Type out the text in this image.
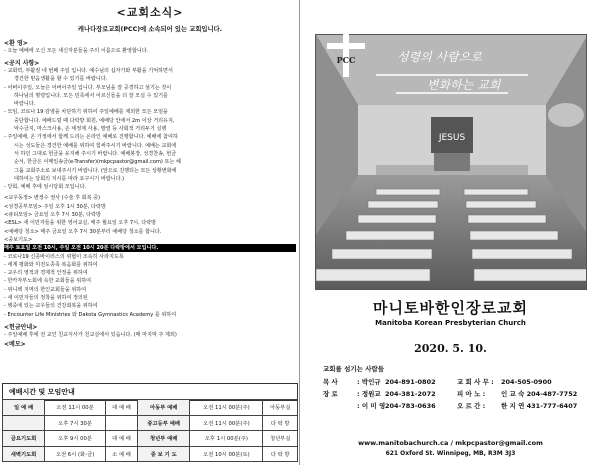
<교회소식>
캐나다장로교회(PCC)에 소속되어 있는 교회입니다.
<환 영>
- 오늘 예배에 오신 모든 새신자분들을 주의 이름으로 환영합니다.
<공지 사항>
- 교회력, 부활절 네 번째 주일 입니다. 예수님의 십자가와 부활을 기억하면서
경건한 믿음생활을 할 수 있기를 바랍니다.
- 어버이주일, 오늘은 어버이주일 입니다. 부모님을 잘 공경하고 섬기는 것이
하나님의 명령입니다. 모든 민족에서 어르신들을 더 잘 모실 수 있기를
바랍니다.
- 모임, 코로나 19 감염을 차단하기 위하여 주일예배를 제외한 모든 모임을
중단합니다. 예배드릴 때 다락방 회원, 예배당 안에서 2m 이상 거리유지,
악수금지, 마스크사용, 손 세정제 사용, 발열 등 사회적 거리두기 실행
- 주일예배, 온 가정에서 함께 드리는 온라인 예배로 진행합니다. 예배에 참여하
시는 성도들은 경건한 예배를 위하여 힘써주시기 바랍니다. 예배는 교회에
서 하던 그대로 헌금을 유지해 주시기 바랍니다. 예배봉장, 성경찬송, 헌금
순서, 한금은 이메일송금(e-Transfer)(mkpcpastor@gmail.com) 또는 헤
그룹 교회주소로 보내주시기 바랍니다. (앞으로 진행되는 모든 상황변화에
대하여는 당회의 지시를 따라 요구시기 바랍니다.)
- 당회, 예배 후에 임시당회 모입니다.
<교우동정> 변정수 권사 (수술 후 회복 중)
<성경공부모임> 주일 오후 1시 30분, 다락방
<큐티모임> 금요일 오후 7시 30분, 다락방
<ESL> 새 이민자들을 위한 영어교실, 매주 월요일 오후 7시, 다락방
<예배당 청소> 매주 금요일 오후 7시 30분부터 예배당 청소를 합니다.
<중보기도>
매주 토요일 오전 10시, 주일 오전 10시 20분 다락방에서 모입니다.
- 코로나19 신종바이러스의 위협이 조속히 사라지도록
- 세계 평화와 미전도종족 복음화를 위하여
- 교우의 영적과 경제적 안정을 위하여
- 한카자부노회에 속한 교회들을 위하여
- 위니펙 지역의 한인교회들을 위하여
- 새 이민자들의 정착을 위하여 정의된
- 병중에 있는 교우들의 건강회복을 위하여
- Encounter Life Ministries 와 Dakota Gymnastics Academy 를 위하여
<헌금안내>
- 주일예배 후에 전 교인 친교식사가 친교실에서 있습니다. (매 마지막 주 제외)
<메모>
예배시간 및 모임안내
일 예 배	오전 11시 00분	대 예 배	아동부 예배	오전 11시 00분(주)	아동부실
	오후 7시 30분		중고등부 예배	오전 11시 00분(주)	다 락 방
금요기도회	오후 9시 00분	대 예 배	청년부 예배	오후 1시 00분(주)	청년부실
새벽기도회	오전 6시 (화-금)	소 예 배	중 보 기 도	오전 10시 00분(토)	다 락 방
JESUS
PCC	성령의 사람으로
변화하는 교회
마니토바한인장로교회
Manitoba Korean Presbyterian Church
2020. 5. 10.
교회를 섬기는 사람들
목 사	: 박인규 204-891-0802	교 회 사 무 : 204-505-0900
장 로	: 정원교 204-381-2072	피 아 노 : 인 교 숙 204-487-7752
: 이 미 영204-783-0636	오 르 간 : 한 지 연 431-777-6407
www.manitobachurch.ca / mkpcpastor@gmail.com
621 Oxford St. Winnipeg, MB, R3M 3J3
